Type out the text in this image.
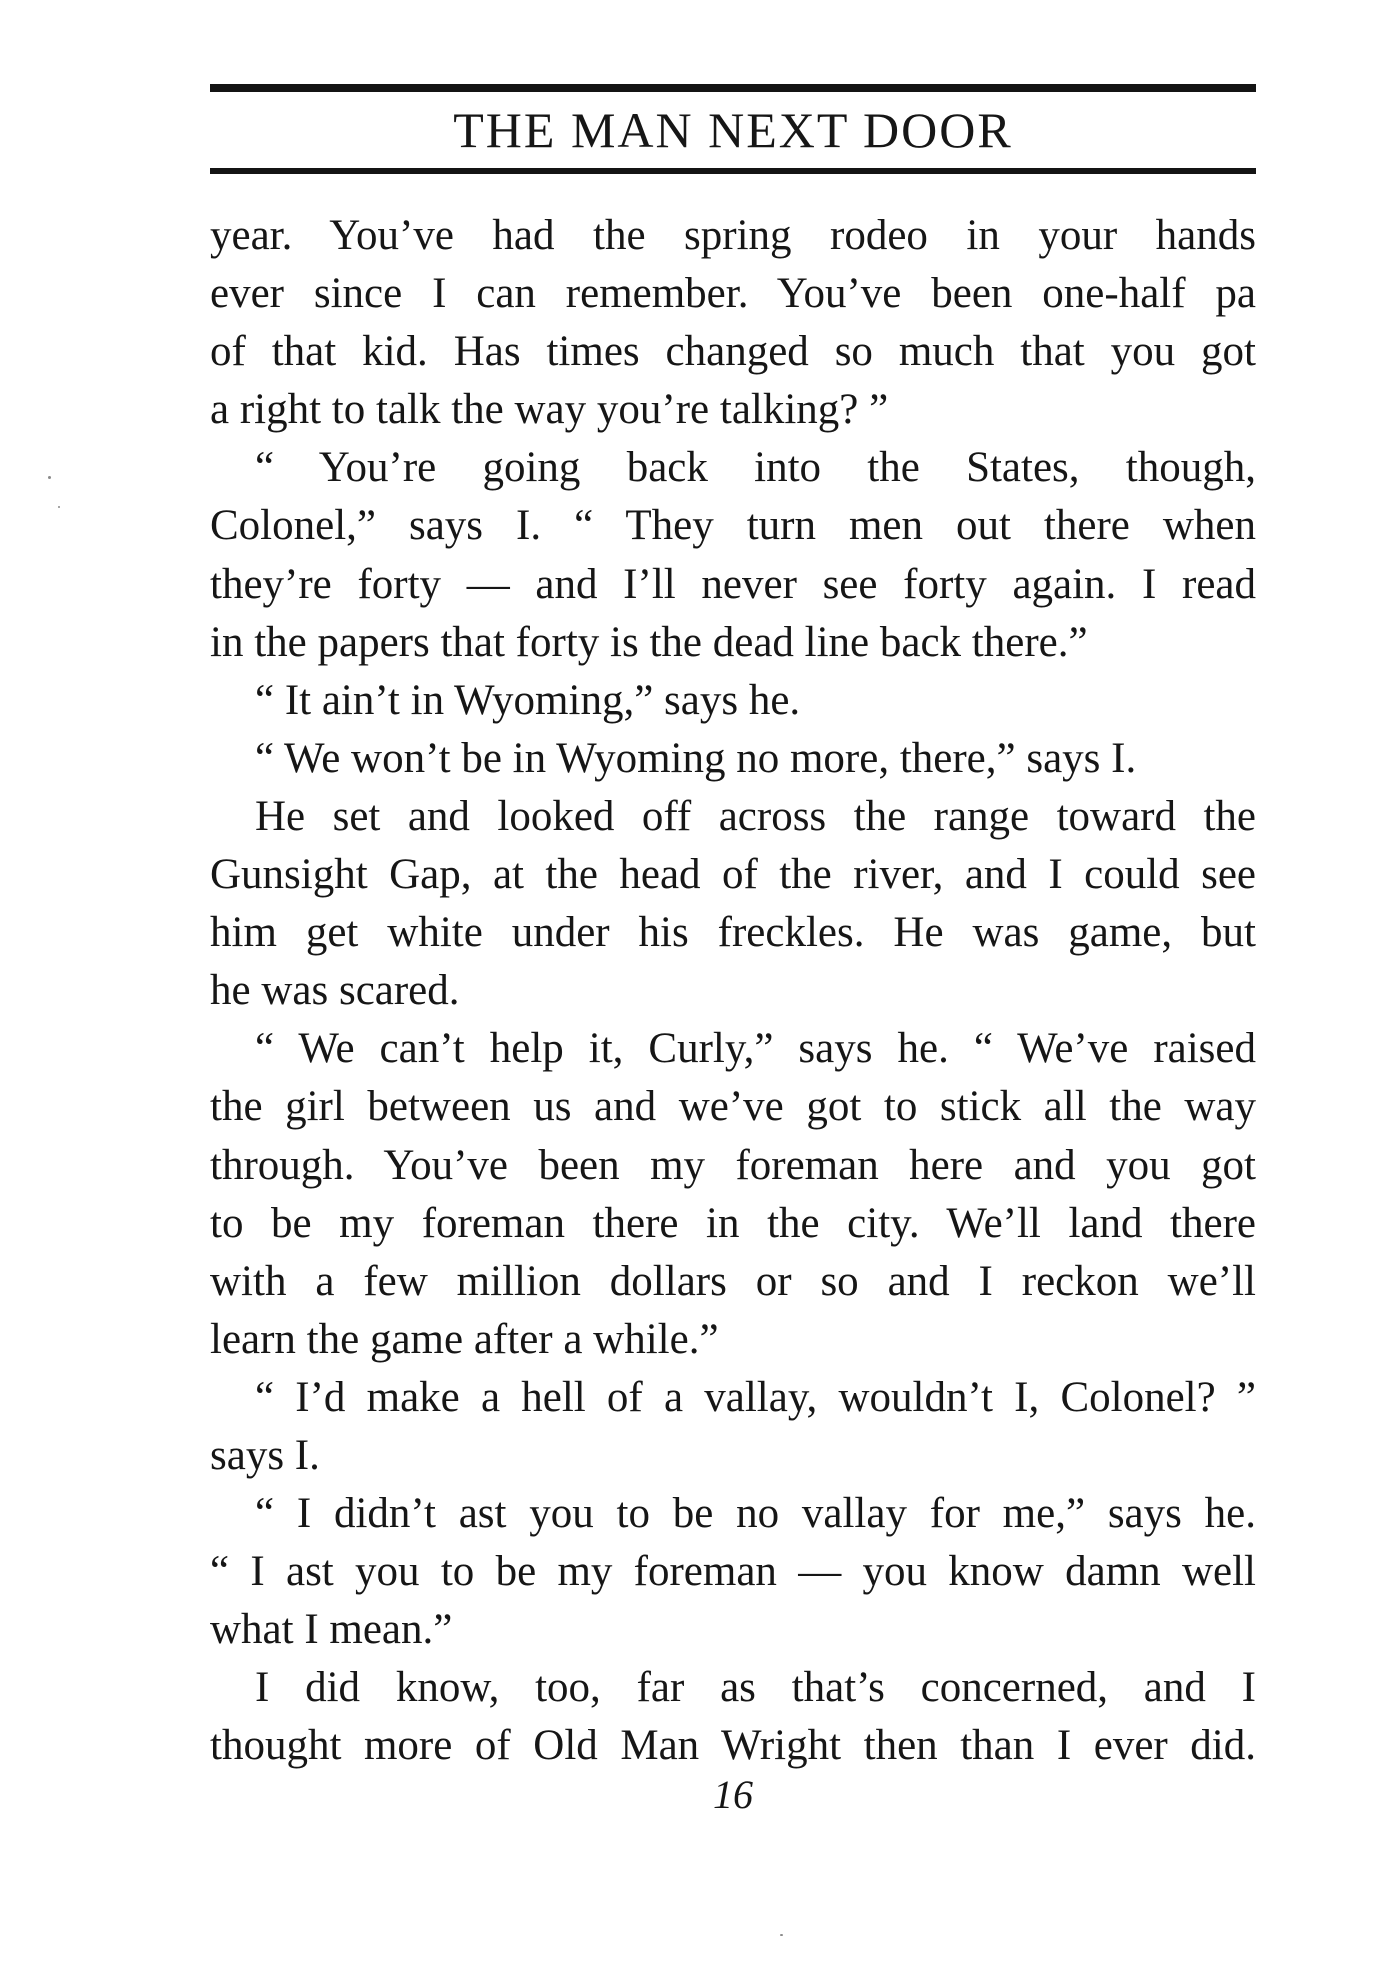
THE MAN NEXT DOOR
year. You’ve had the spring rodeo in your hands
ever since I can remember. You’ve been one-half pa
of that kid. Has times changed so much that you got
a right to talk the way you’re talking? ”
“ You’re going back into the States, though,
Colonel,” says I. “ They turn men out there when
they’re forty — and I’ll never see forty again. I read
in the papers that forty is the dead line back there.”
“ It ain’t in Wyoming,” says he.
“ We won’t be in Wyoming no more, there,” says I.
He set and looked off across the range toward the
Gunsight Gap, at the head of the river, and I could see
him get white under his freckles. He was game, but
he was scared.
“ We can’t help it, Curly,” says he. “ We’ve raised
the girl between us and we’ve got to stick all the way
through. You’ve been my foreman here and you got
to be my foreman there in the city. We’ll land there
with a few million dollars or so and I reckon we’ll
learn the game after a while.”
“ I’d make a hell of a vallay, wouldn’t I, Colonel? ”
says I.
“ I didn’t ast you to be no vallay for me,” says he.
“ I ast you to be my foreman — you know damn well
what I mean.”
I did know, too, far as that’s concerned, and I
thought more of Old Man Wright then than I ever did.
16
